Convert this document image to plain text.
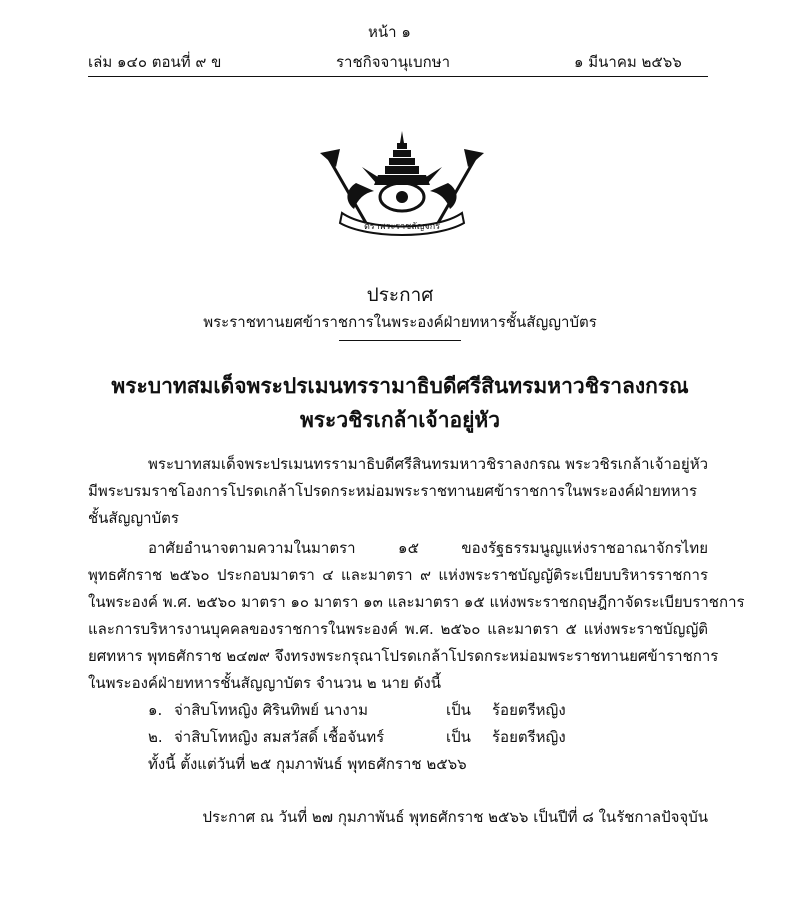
หน้า ๑
เล่ม ๑๔๐ ตอนที่ ๙ ข	ราชกิจจานุเบกษา	๑ มีนาคม ๒๕๖๖
ตราพระราชลัญจกร
ประกาศ
พระราชทานยศข้าราชการในพระองค์ฝ่ายทหารชั้นสัญญาบัตร
พระบาทสมเด็จพระปรเมนทรรามาธิบดีศรีสินทรมหาวชิราลงกรณ
พระวชิรเกล้าเจ้าอยู่หัว
พระบาทสมเด็จพระปรเมนทรรามาธิบดีศรีสินทรมหาวชิราลงกรณ พระวชิรเกล้าเจ้าอยู่หัว
มีพระบรมราชโองการโปรดเกล้าโปรดกระหม่อมพระราชทานยศข้าราชการในพระองค์ฝ่ายทหาร
ชั้นสัญญาบัตร
อาศัยอำนาจตามความในมาตรา ๑๕ ของรัฐธรรมนูญแห่งราชอาณาจักรไทย
พุทธศักราช ๒๕๖๐ ประกอบมาตรา ๔ และมาตรา ๙ แห่งพระราชบัญญัติระเบียบบริหารราชการ
ในพระองค์ พ.ศ. ๒๕๖๐ มาตรา ๑๐ มาตรา ๑๓ และมาตรา ๑๕ แห่งพระราชกฤษฎีกาจัดระเบียบราชการ
และการบริหารงานบุคคลของราชการในพระองค์ พ.ศ. ๒๕๖๐ และมาตรา ๕ แห่งพระราชบัญญัติ
ยศทหาร พุทธศักราช ๒๔๗๙ จึงทรงพระกรุณาโปรดเกล้าโปรดกระหม่อมพระราชทานยศข้าราชการ
ในพระองค์ฝ่ายทหารชั้นสัญญาบัตร จำนวน ๒ นาย ดังนี้
๑. จ่าสิบโทหญิง ศิรินทิพย์ นางาม	เป็น ร้อยตรีหญิง
๒. จ่าสิบโทหญิง สมสวัสดิ์ เชื้อจันทร์	เป็น ร้อยตรีหญิง
ทั้งนี้ ตั้งแต่วันที่ ๒๕ กุมภาพันธ์ พุทธศักราช ๒๕๖๖
ประกาศ ณ วันที่ ๒๗ กุมภาพันธ์ พุทธศักราช ๒๕๖๖ เป็นปีที่ ๘ ในรัชกาลปัจจุบัน
